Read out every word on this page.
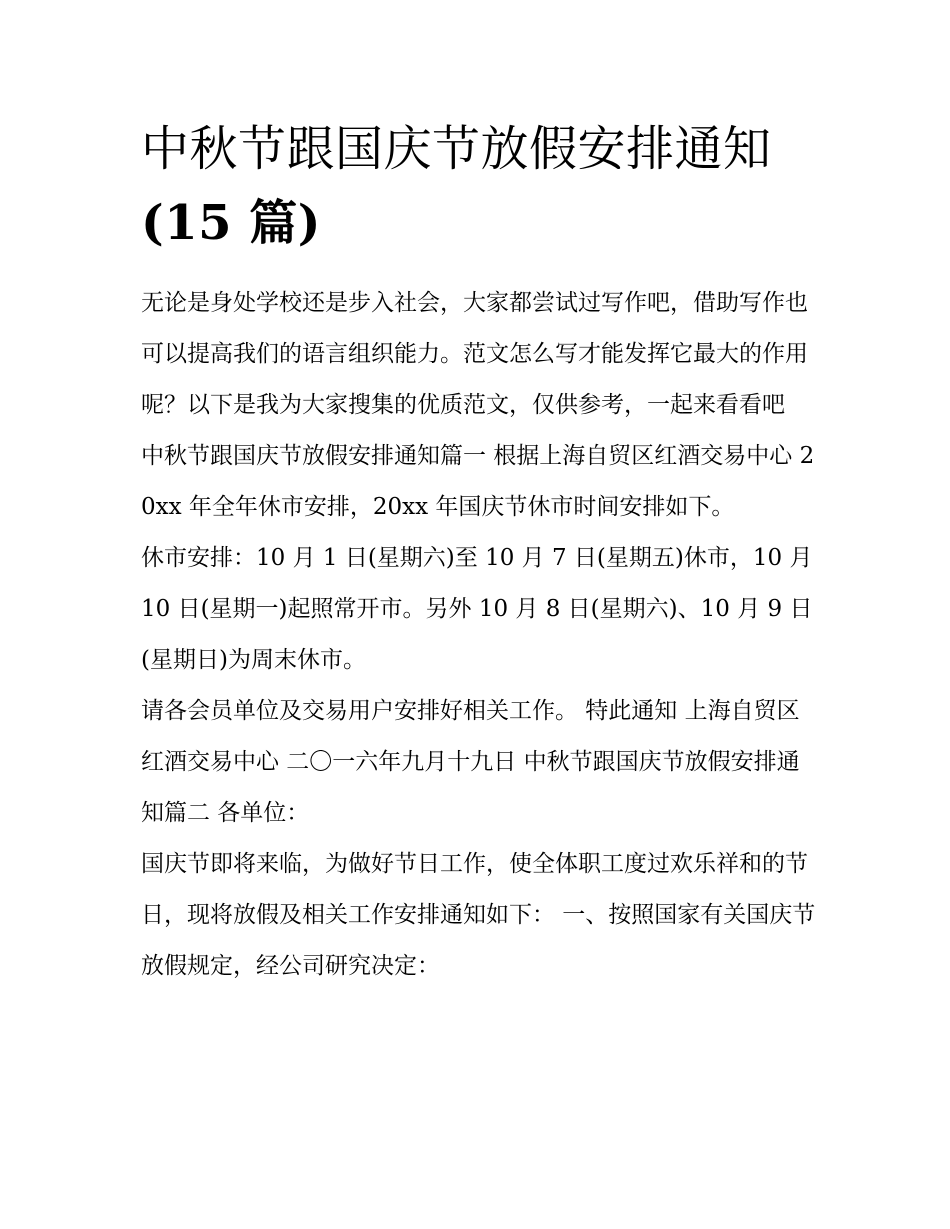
中秋节跟国庆节放假安排通知
(15 篇)

无论是身处学校还是步入社会，大家都尝试过写作吧，借助写作也可以提高我们的语言组织能力。范文怎么写才能发挥它最大的作用呢？以下是我为大家搜集的优质范文，仅供参考，一起来看看吧

中秋节跟国庆节放假安排通知篇一 根据上海自贸区红酒交易中心 20xx 年全年休市安排，20xx 年国庆节休市时间安排如下。

休市安排：10 月 1 日(星期六)至 10 月 7 日(星期五)休市，10 月 10 日(星期一)起照常开市。另外 10 月 8 日(星期六)、10 月 9 日(星期日)为周末休市。

请各会员单位及交易用户安排好相关工作。 特此通知 上海自贸区红酒交易中心 二〇一六年九月十九日 中秋节跟国庆节放假安排通知篇二 各单位：

国庆节即将来临，为做好节日工作，使全体职工度过欢乐祥和的节日，现将放假及相关工作安排通知如下： 一、按照国家有关国庆节放假规定，经公司研究决定：
